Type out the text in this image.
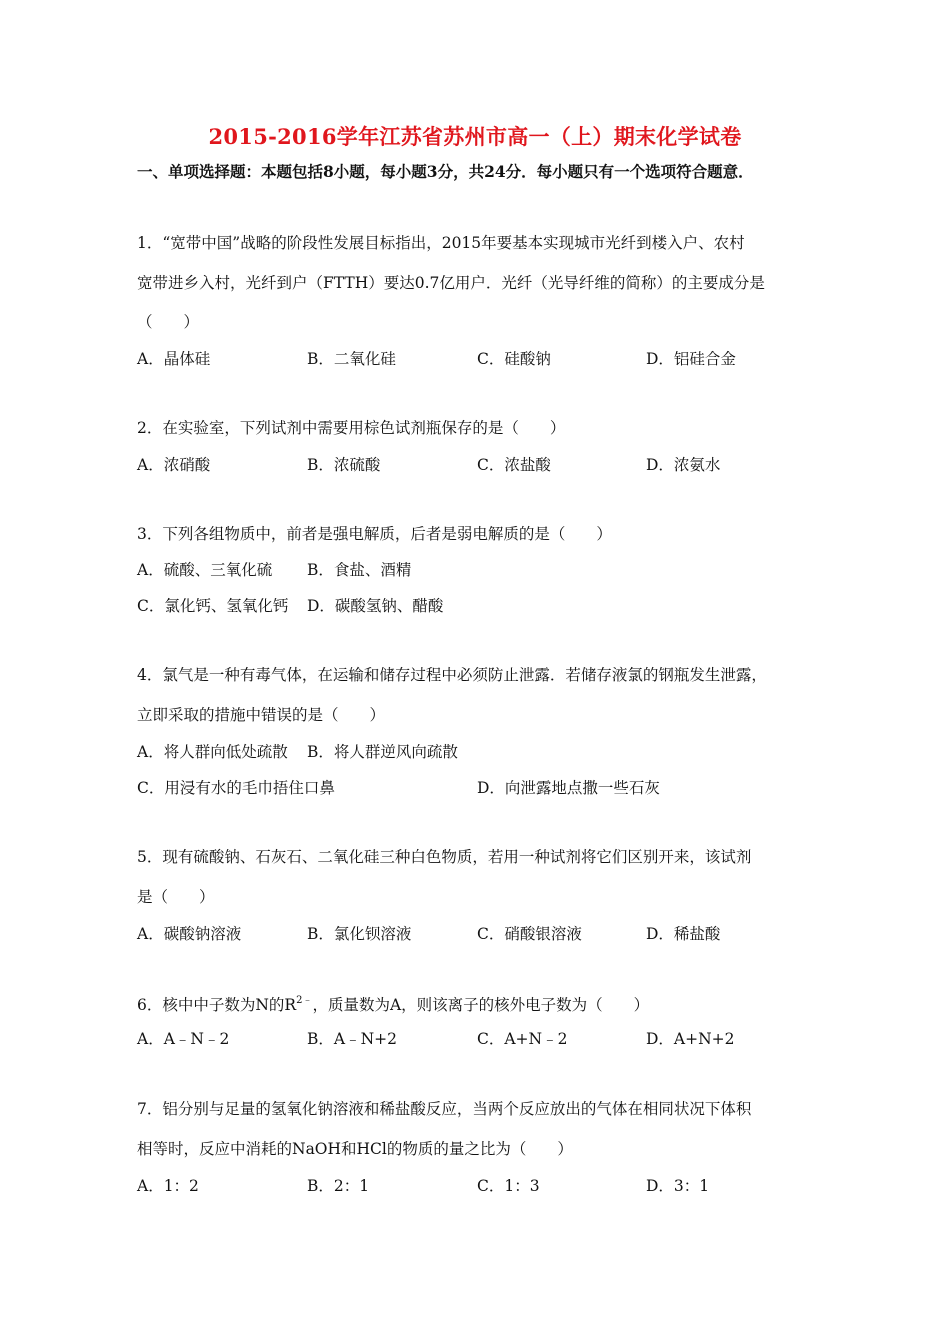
2015-2016学年江苏省苏州市高一（上）期末化学试卷
一、单项选择题：本题包括8小题，每小题3分，共24分．每小题只有一个选项符合题意．
1．“宽带中国”战略的阶段性发展目标指出，2015年要基本实现城市光纤到楼入户、农村
宽带进乡入村，光纤到户（FTTH）要达0.7亿用户．光纤（光导纤维的简称）的主要成分是
（　　）
A．晶体硅	B．二氧化硅	C．硅酸钠	D．铝硅合金
2．在实验室，下列试剂中需要用棕色试剂瓶保存的是（　　）
A．浓硝酸	B．浓硫酸	C．浓盐酸	D．浓氨水
3．下列各组物质中，前者是强电解质，后者是弱电解质的是（　　）
A．硫酸、三氧化硫 B．食盐、酒精
C．氯化钙、氢氧化钙 D．碳酸氢钠、醋酸
4．氯气是一种有毒气体，在运输和储存过程中必须防止泄露．若储存液氯的钢瓶发生泄露，
立即采取的措施中错误的是（　　）
A．将人群向低处疏散 B．将人群逆风向疏散
C．用浸有水的毛巾捂住口鼻	D．向泄露地点撒一些石灰
5．现有硫酸钠、石灰石、二氧化硅三种白色物质，若用一种试剂将它们区别开来，该试剂
是（　　）
A．碳酸钠溶液	B．氯化钡溶液	C．硝酸银溶液	D．稀盐酸
6．核中中子数为N的$R^{2﹣}$，质量数为A，则该离子的核外电子数为（　　）
A．A﹣N﹣2	B．A﹣N+2	C．A+N﹣2	D．A+N+2
7．铝分别与足量的氢氧化钠溶液和稀盐酸反应，当两个反应放出的气体在相同状况下体积
相等时，反应中消耗的NaOH和HCl的物质的量之比为（　　）
A．1：2	B．2：1	C．1：3	D．3：1
